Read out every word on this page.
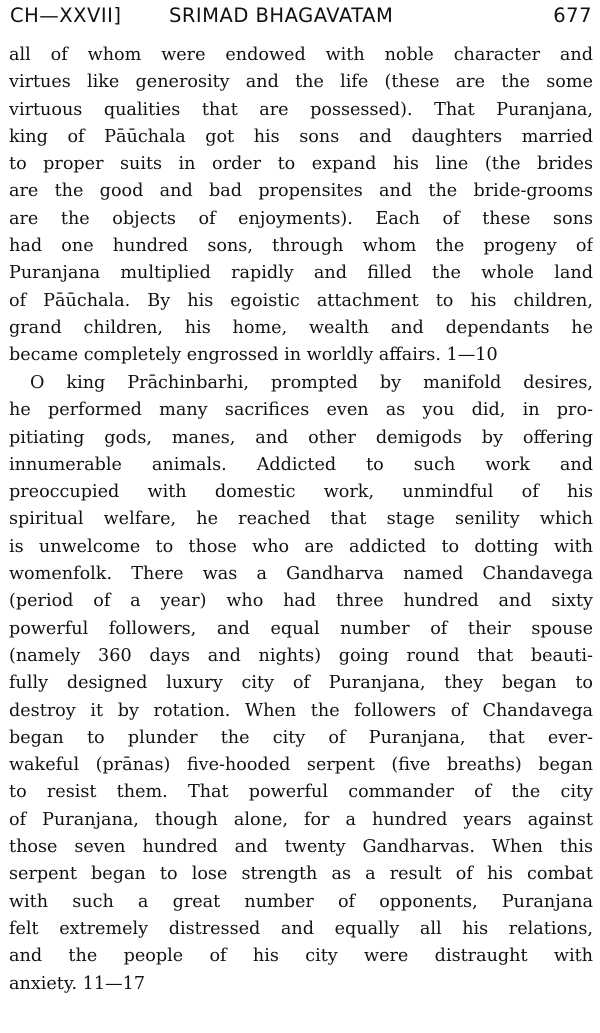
CH—XXVII] SRIMAD BHAGAVATAM	677
all of whom were endowed with noble character and
virtues like generosity and the life (these are the some
virtuous qualities that are possessed). That Puranjana,
king of Pāūchala got his sons and daughters married
to proper suits in order to expand his line (the brides
are the good and bad propensites and the bride-grooms
are the objects of enjoyments). Each of these sons
had one hundred sons, through whom the progeny of
Puranjana multiplied rapidly and filled the whole land
of Pāūchala. By his egoistic attachment to his children,
grand children, his home, wealth and dependants he
became completely engrossed in worldly affairs. 1—10
O king Prāchinbarhi, prompted by manifold desires,
he performed many sacrifices even as you did, in pro-
pitiating gods, manes, and other demigods by offering
innumerable animals. Addicted to such work and
preoccupied with domestic work, unmindful of his
spiritual welfare, he reached that stage senility which
is unwelcome to those who are addicted to dotting with
womenfolk. There was a Gandharva named Chandavega
(period of a year) who had three hundred and sixty
powerful followers, and equal number of their spouse
(namely 360 days and nights) going round that beauti-
fully designed luxury city of Puranjana, they began to
destroy it by rotation. When the followers of Chandavega
began to plunder the city of Puranjana, that ever-
wakeful (prānas) five-hooded serpent (five breaths) began
to resist them. That powerful commander of the city
of Puranjana, though alone, for a hundred years against
those seven hundred and twenty Gandharvas. When this
serpent began to lose strength as a result of his combat
with such a great number of opponents, Puranjana
felt extremely distressed and equally all his relations,
and the people of his city were distraught with
anxiety. 11—17
